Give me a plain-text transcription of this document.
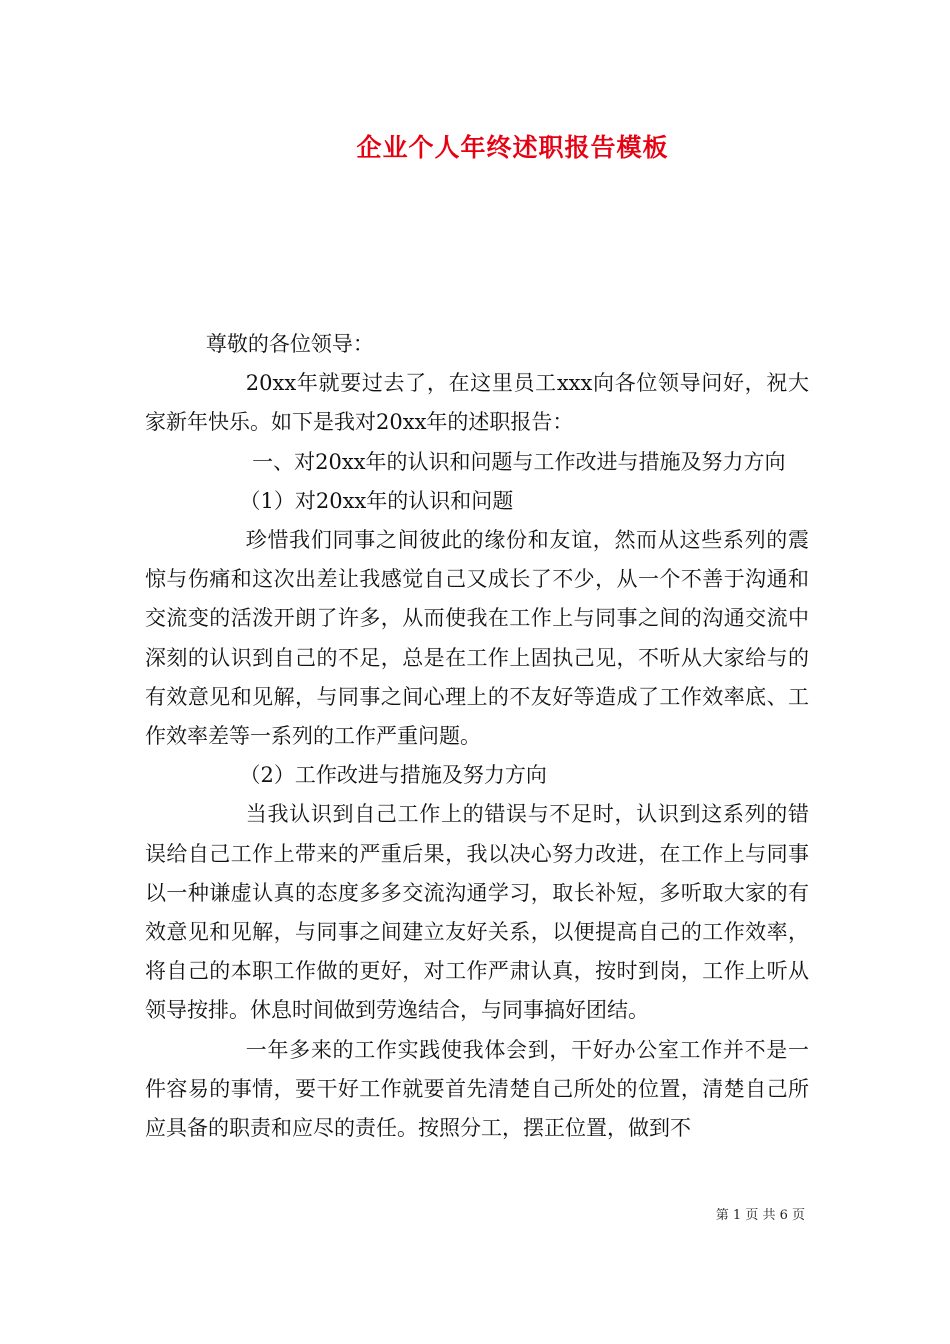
企业个人年终述职报告模板

尊敬的各位领导：

20xx年就要过去了，在这里员工xxx向各位领导问好，祝大家新年快乐。如下是我对20xx年的述职报告：

一、对20xx年的认识和问题与工作改进与措施及努力方向

（1）对20xx年的认识和问题

珍惜我们同事之间彼此的缘份和友谊，然而从这些系列的震惊与伤痛和这次出差让我感觉自己又成长了不少，从一个不善于沟通和交流变的活泼开朗了许多，从而使我在工作上与同事之间的沟通交流中深刻的认识到自己的不足，总是在工作上固执己见，不听从大家给与的有效意见和见解，与同事之间心理上的不友好等造成了工作效率底、工作效率差等一系列的工作严重问题。

（2）工作改进与措施及努力方向

当我认识到自己工作上的错误与不足时，认识到这系列的错误给自己工作上带来的严重后果，我以决心努力改进，在工作上与同事以一种谦虚认真的态度多多交流沟通学习，取长补短，多听取大家的有效意见和见解，与同事之间建立友好关系，以便提高自己的工作效率，将自己的本职工作做的更好，对工作严肃认真，按时到岗，工作上听从领导按排。休息时间做到劳逸结合，与同事搞好团结。

一年多来的工作实践使我体会到，干好办公室工作并不是一件容易的事情，要干好工作就要首先清楚自己所处的位置，清楚自己所应具备的职责和应尽的责任。按照分工，摆正位置，做到不

第 1 页 共 6 页
